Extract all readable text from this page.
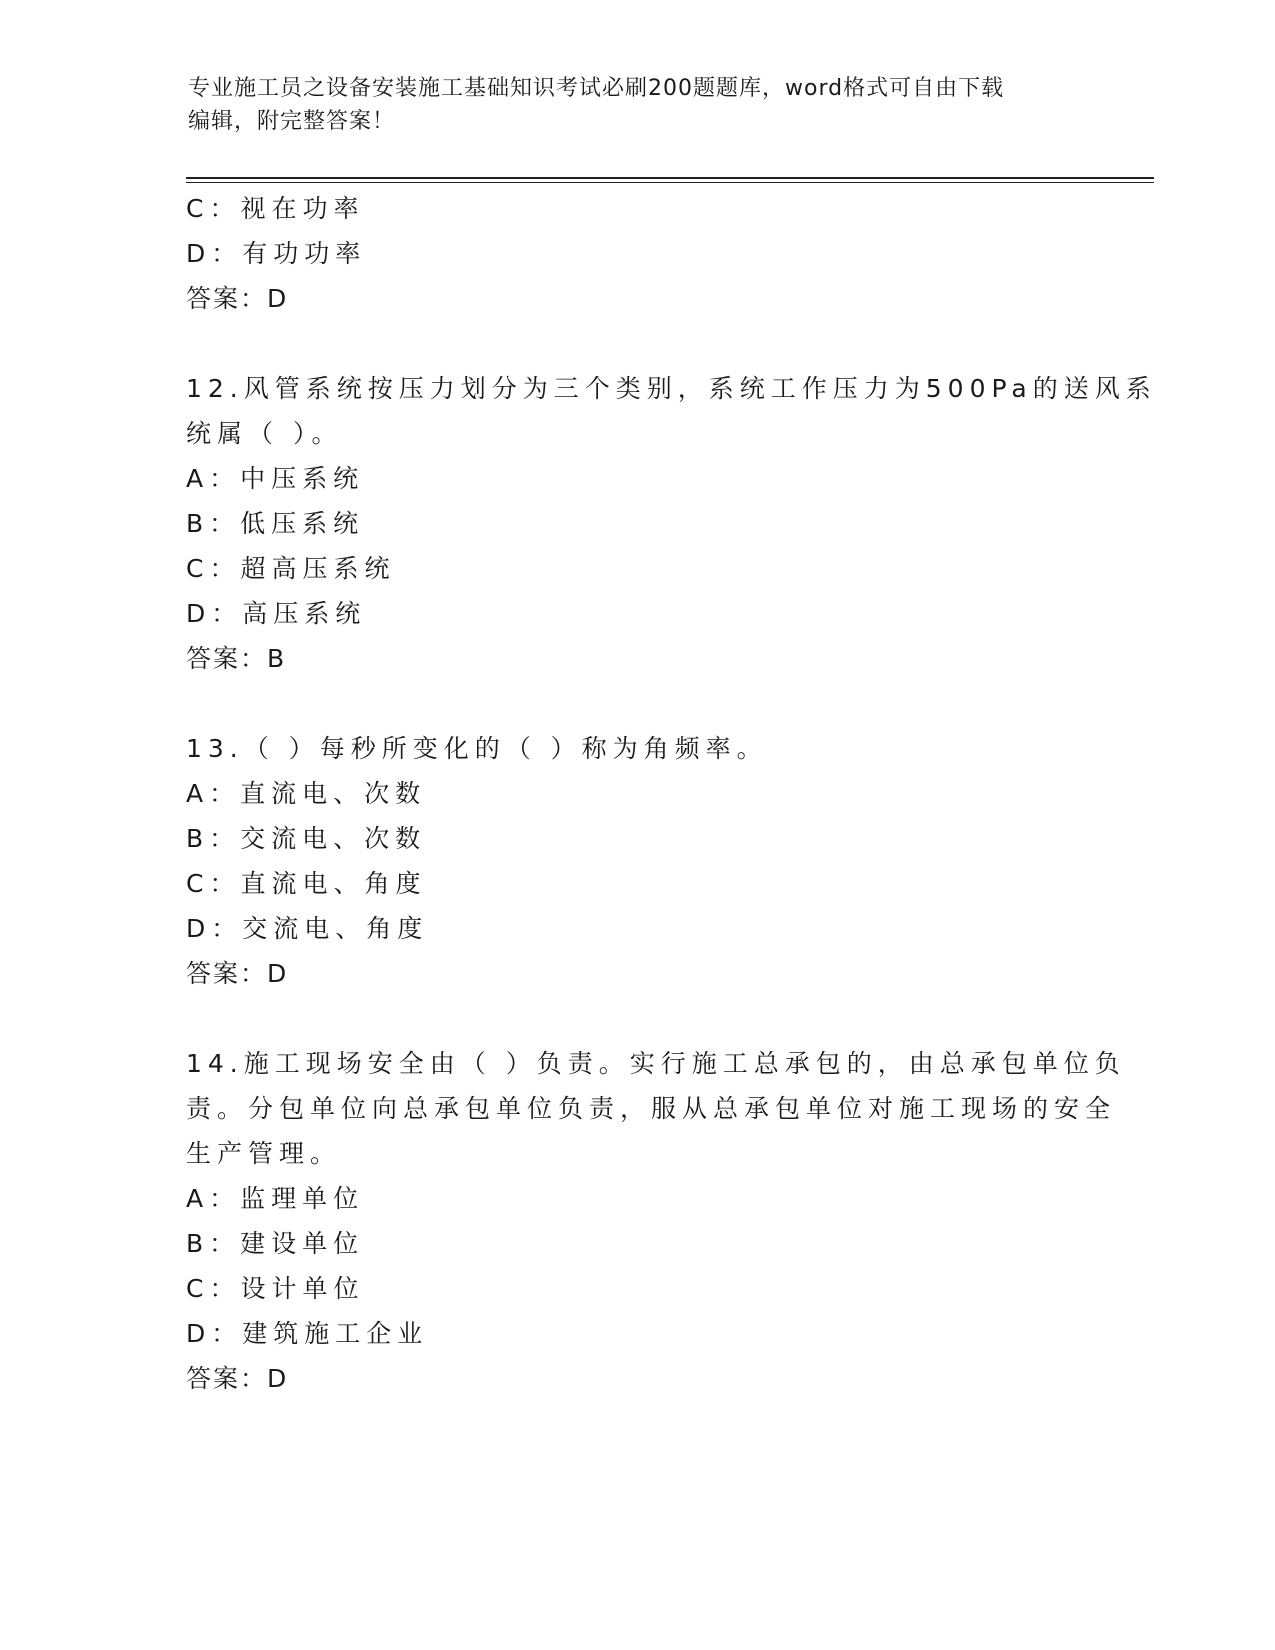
专业施工员之设备安装施工基础知识考试必刷200题题库，word格式可自由下载
编辑，附完整答案！
C：视在功率
D：有功功率
答案：D
12.风管系统按压力划分为三个类别，系统工作压力为500Pa的送风系
统属（ ）。
A：中压系统
B：低压系统
C：超高压系统
D：高压系统
答案：B
13.（ ）每秒所变化的（ ）称为角频率。
A：直流电、次数
B：交流电、次数
C：直流电、角度
D：交流电、角度
答案：D
14.施工现场安全由（ ）负责。实行施工总承包的，由总承包单位负
责。分包单位向总承包单位负责，服从总承包单位对施工现场的安全
生产管理。
A：监理单位
B：建设单位
C：设计单位
D：建筑施工企业
答案：D
